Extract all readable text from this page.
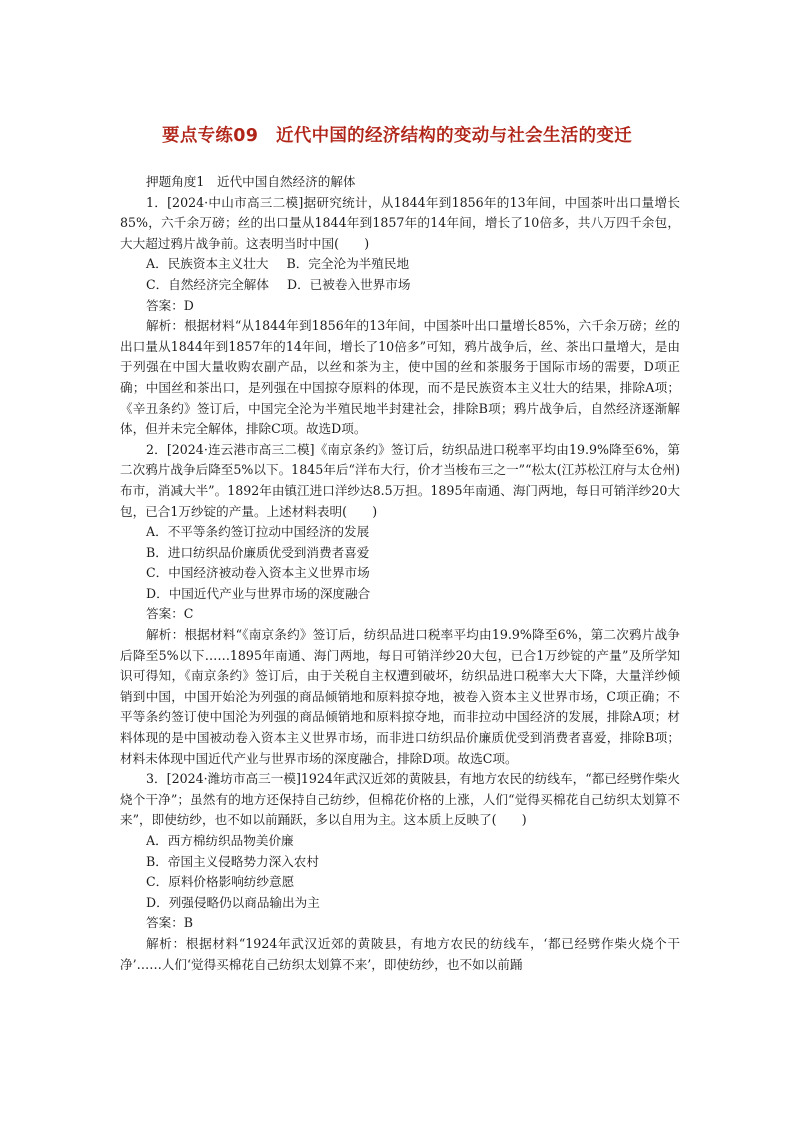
要点专练09　近代中国的经济结构的变动与社会生活的变迁

押题角度1　近代中国自然经济的解体

1．[2024·中山市高三二模]据研究统计，从1844年到1856年的13年间，中国茶叶出口量增长85%，六千余万磅；丝的出口量从1844年到1857年的14年间，增长了10倍多，共八万四千余包，大大超过鸦片战争前。这表明当时中国(　　)

A．民族资本主义壮大 B．完全沦为半殖民地

C．自然经济完全解体 D．已被卷入世界市场

答案：D

解析：根据材料“从1844年到1856年的13年间，中国茶叶出口量增长85%，六千余万磅；丝的出口量从1844年到1857年的14年间，增长了10倍多”可知，鸦片战争后，丝、茶出口量增大，是由于列强在中国大量收购农副产品，以丝和茶为主，使中国的丝和茶服务于国际市场的需要，D项正确；中国丝和茶出口，是列强在中国掠夺原料的体现，而不是民族资本主义壮大的结果，排除A项；《辛丑条约》签订后，中国完全沦为半殖民地半封建社会，排除B项；鸦片战争后，自然经济逐渐解体，但并未完全解体，排除C项。故选D项。

2．[2024·连云港市高三二模]《南京条约》签订后，纺织品进口税率平均由19.9%降至6%，第二次鸦片战争后降至5%以下。1845年后“洋布大行，价才当梭布三之一”“松太(江苏松江府与太仓州)布市，消减大半”。1892年由镇江进口洋纱达8.5万担。1895年南通、海门两地，每日可销洋纱20大包，已合1万纱锭的产量。上述材料表明(　　)

A．不平等条约签订拉动中国经济的发展

B．进口纺织品价廉质优受到消费者喜爱

C．中国经济被动卷入资本主义世界市场

D．中国近代产业与世界市场的深度融合

答案：C

解析：根据材料“《南京条约》签订后，纺织品进口税率平均由19.9%降至6%，第二次鸦片战争后降至5%以下……1895年南通、海门两地，每日可销洋纱20大包，已合1万纱锭的产量”及所学知识可得知，《南京条约》签订后，由于关税自主权遭到破坏，纺织品进口税率大大下降，大量洋纱倾销到中国，中国开始沦为列强的商品倾销地和原料掠夺地，被卷入资本主义世界市场，C项正确；不平等条约签订使中国沦为列强的商品倾销地和原料掠夺地，而非拉动中国经济的发展，排除A项；材料体现的是中国被动卷入资本主义世界市场，而非进口纺织品价廉质优受到消费者喜爱，排除B项；材料未体现中国近代产业与世界市场的深度融合，排除D项。故选C项。

3．[2024·潍坊市高三一模]1924年武汉近郊的黄陂县，有地方农民的纺线车，“都已经劈作柴火烧个干净”；虽然有的地方还保持自己纺纱，但棉花价格的上涨，人们“觉得买棉花自己纺织太划算不来”，即使纺纱，也不如以前踊跃，多以自用为主。这本质上反映了(　　)

A．西方棉纺织品物美价廉

B．帝国主义侵略势力深入农村

C．原料价格影响纺纱意愿

D．列强侵略仍以商品输出为主

答案：B

解析：根据材料“1924年武汉近郊的黄陂县，有地方农民的纺线车，‘都已经劈作柴火烧个干净’……人们‘觉得买棉花自己纺织太划算不来’，即使纺纱，也不如以前踊
